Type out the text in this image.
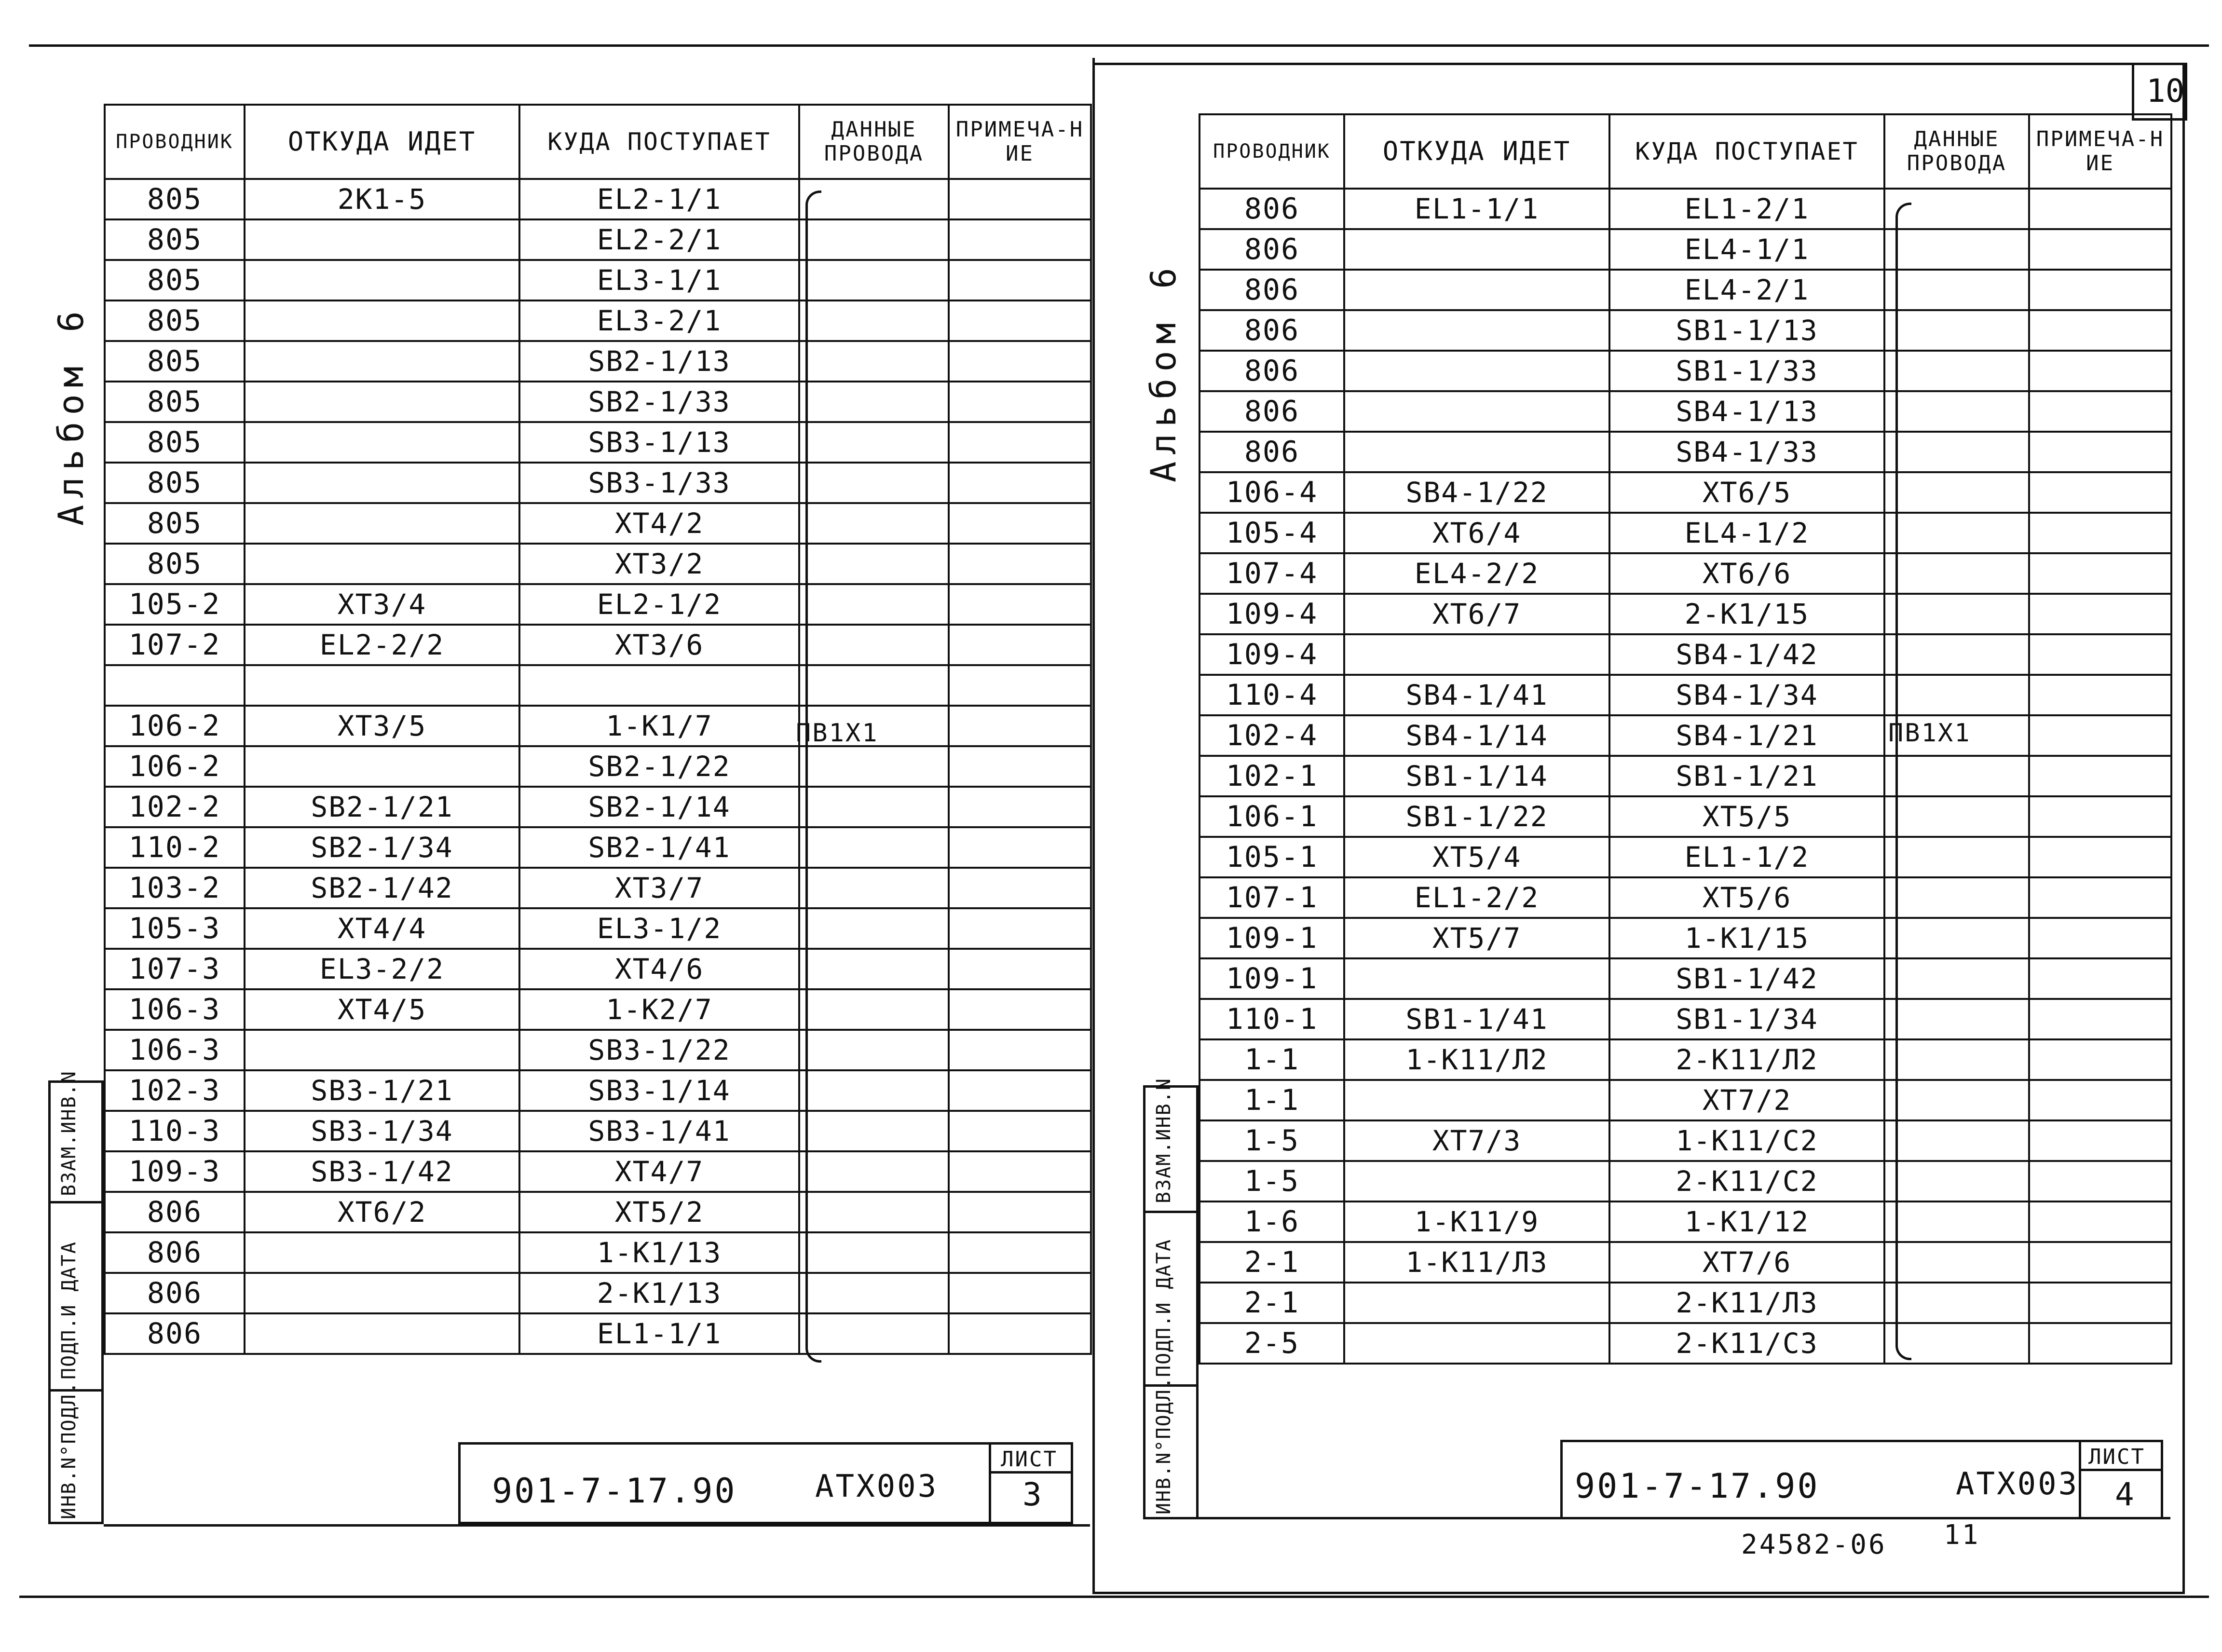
10
Альбом 6
ПРОВОДНИК	ОТКУДА ИДЕТ	КУДА ПОСТУПАЕТ	ДАННЫЕ ПРОВОДА	ПРИМЕЧА-НИЕ
805	2К1-5	EL2-1/1		
805		EL2-2/1		
805		EL3-1/1		
805		EL3-2/1		
805		SB2-1/13		
805		SB2-1/33		
805		SB3-1/13		
805		SB3-1/33		
805		XT4/2		
805		XT3/2		
105-2	XT3/4	EL2-1/2		
107-2	EL2-2/2	XT3/6		

106-2	XT3/5	1-К1/7		
106-2		SB2-1/22		
102-2	SB2-1/21	SB2-1/14		
110-2	SB2-1/34	SB2-1/41		
103-2	SB2-1/42	XT3/7		
105-3	XT4/4	EL3-1/2		
107-3	EL3-2/2	XT4/6		
106-3	XT4/5	1-К2/7		
106-3		SB3-1/22		
102-3	SB3-1/21	SB3-1/14		
110-3	SB3-1/34	SB3-1/41		
109-3	SB3-1/42	XT4/7		
806	XT6/2	XT5/2		
806		1-К1/13		
806		2-К1/13		
806		EL1-1/1		
ПВ1Х1
ВЗАМ.ИНВ.N
ПОДП.И ДАТА
ИНВ.N°ПОДЛ.	901-7-17.90	АТХ003
ЛИСТ
3
Альбом 6
ПРОВОДНИК	ОТКУДА ИДЕТ	КУДА ПОСТУПАЕТ	ДАННЫЕ ПРОВОДА	ПРИМЕЧА-НИЕ
806	EL1-1/1	EL1-2/1		
806		EL4-1/1		
806		EL4-2/1		
806		SB1-1/13		
806		SB1-1/33		
806		SB4-1/13		
806		SB4-1/33		
106-4	SB4-1/22	XT6/5		
105-4	XT6/4	EL4-1/2		
107-4	EL4-2/2	XT6/6		
109-4	XT6/7	2-К1/15		
109-4		SB4-1/42		
110-4	SB4-1/41	SB4-1/34		
102-4	SB4-1/14	SB4-1/21		
102-1	SB1-1/14	SB1-1/21		
106-1	SB1-1/22	XT5/5		
105-1	XT5/4	EL1-1/2		
107-1	EL1-2/2	XT5/6		
109-1	XT5/7	1-К1/15		
109-1		SB1-1/42		
110-1	SB1-1/41	SB1-1/34		
1-1	1-К11/Л2	2-К11/Л2		
1-1		XT7/2		
1-5	XT7/3	1-К11/С2		
1-5		2-К11/С2		
1-6	1-К11/9	1-К1/12		
2-1	1-К11/Л3	XT7/6		
2-1		2-К11/Л3		
2-5		2-К11/С3		
ПВ1Х1
ВЗАМ.ИНВ.N
ПОДП.И ДАТА
ИНВ.N°ПОДЛ.	901-7-17.90	АТХ003
ЛИСТ
4
24582-06 11
